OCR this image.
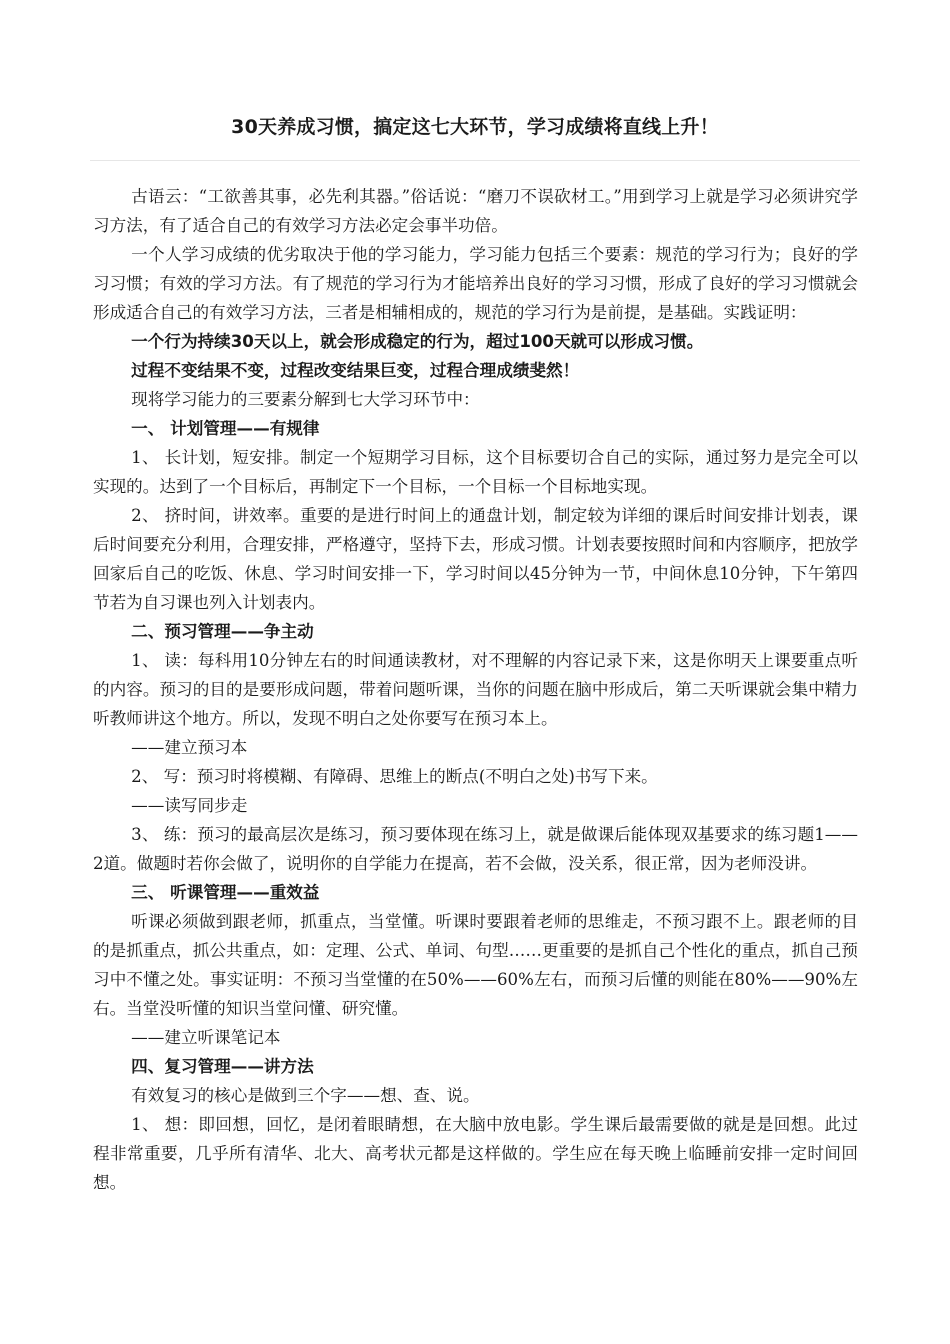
30天养成习惯，搞定这七大环节，学习成绩将直线上升！

古语云：“工欲善其事，必先利其器。”俗话说：“磨刀不误砍材工。”用到学习上就是学习必须讲究学习方法，有了适合自己的有效学习方法必定会事半功倍。

一个人学习成绩的优劣取决于他的学习能力，学习能力包括三个要素：规范的学习行为；良好的学习习惯；有效的学习方法。有了规范的学习行为才能培养出良好的学习习惯，形成了良好的学习习惯就会形成适合自己的有效学习方法，三者是相辅相成的，规范的学习行为是前提，是基础。实践证明：

一个行为持续30天以上，就会形成稳定的行为，超过100天就可以形成习惯。

过程不变结果不变，过程改变结果巨变，过程合理成绩斐然！

现将学习能力的三要素分解到七大学习环节中：

一、 计划管理——有规律

1、 长计划，短安排。制定一个短期学习目标，这个目标要切合自己的实际，通过努力是完全可以实现的。达到了一个目标后，再制定下一个目标，一个目标一个目标地实现。

2、 挤时间，讲效率。重要的是进行时间上的通盘计划，制定较为详细的课后时间安排计划表，课后时间要充分利用，合理安排，严格遵守，坚持下去，形成习惯。计划表要按照时间和内容顺序，把放学回家后自己的吃饭、休息、学习时间安排一下，学习时间以45分钟为一节，中间休息10分钟，下午第四节若为自习课也列入计划表内。

二、预习管理——争主动

1、 读：每科用10分钟左右的时间通读教材，对不理解的内容记录下来，这是你明天上课要重点听的内容。预习的目的是要形成问题，带着问题听课，当你的问题在脑中形成后，第二天听课就会集中精力听教师讲这个地方。所以，发现不明白之处你要写在预习本上。

——建立预习本

2、 写：预习时将模糊、有障碍、思维上的断点(不明白之处)书写下来。

——读写同步走

3、 练：预习的最高层次是练习，预习要体现在练习上，就是做课后能体现双基要求的练习题1——2道。做题时若你会做了，说明你的自学能力在提高，若不会做，没关系，很正常，因为老师没讲。

三、 听课管理——重效益

听课必须做到跟老师，抓重点，当堂懂。听课时要跟着老师的思维走，不预习跟不上。跟老师的目的是抓重点，抓公共重点，如：定理、公式、单词、句型……更重要的是抓自己个性化的重点，抓自己预习中不懂之处。事实证明：不预习当堂懂的在50%——60%左右，而预习后懂的则能在80%——90%左右。当堂没听懂的知识当堂问懂、研究懂。

——建立听课笔记本

四、复习管理——讲方法

有效复习的核心是做到三个字——想、查、说。

1、 想：即回想，回忆，是闭着眼睛想，在大脑中放电影。学生课后最需要做的就是是回想。此过程非常重要，几乎所有清华、北大、高考状元都是这样做的。学生应在每天晚上临睡前安排一定时间回想。
